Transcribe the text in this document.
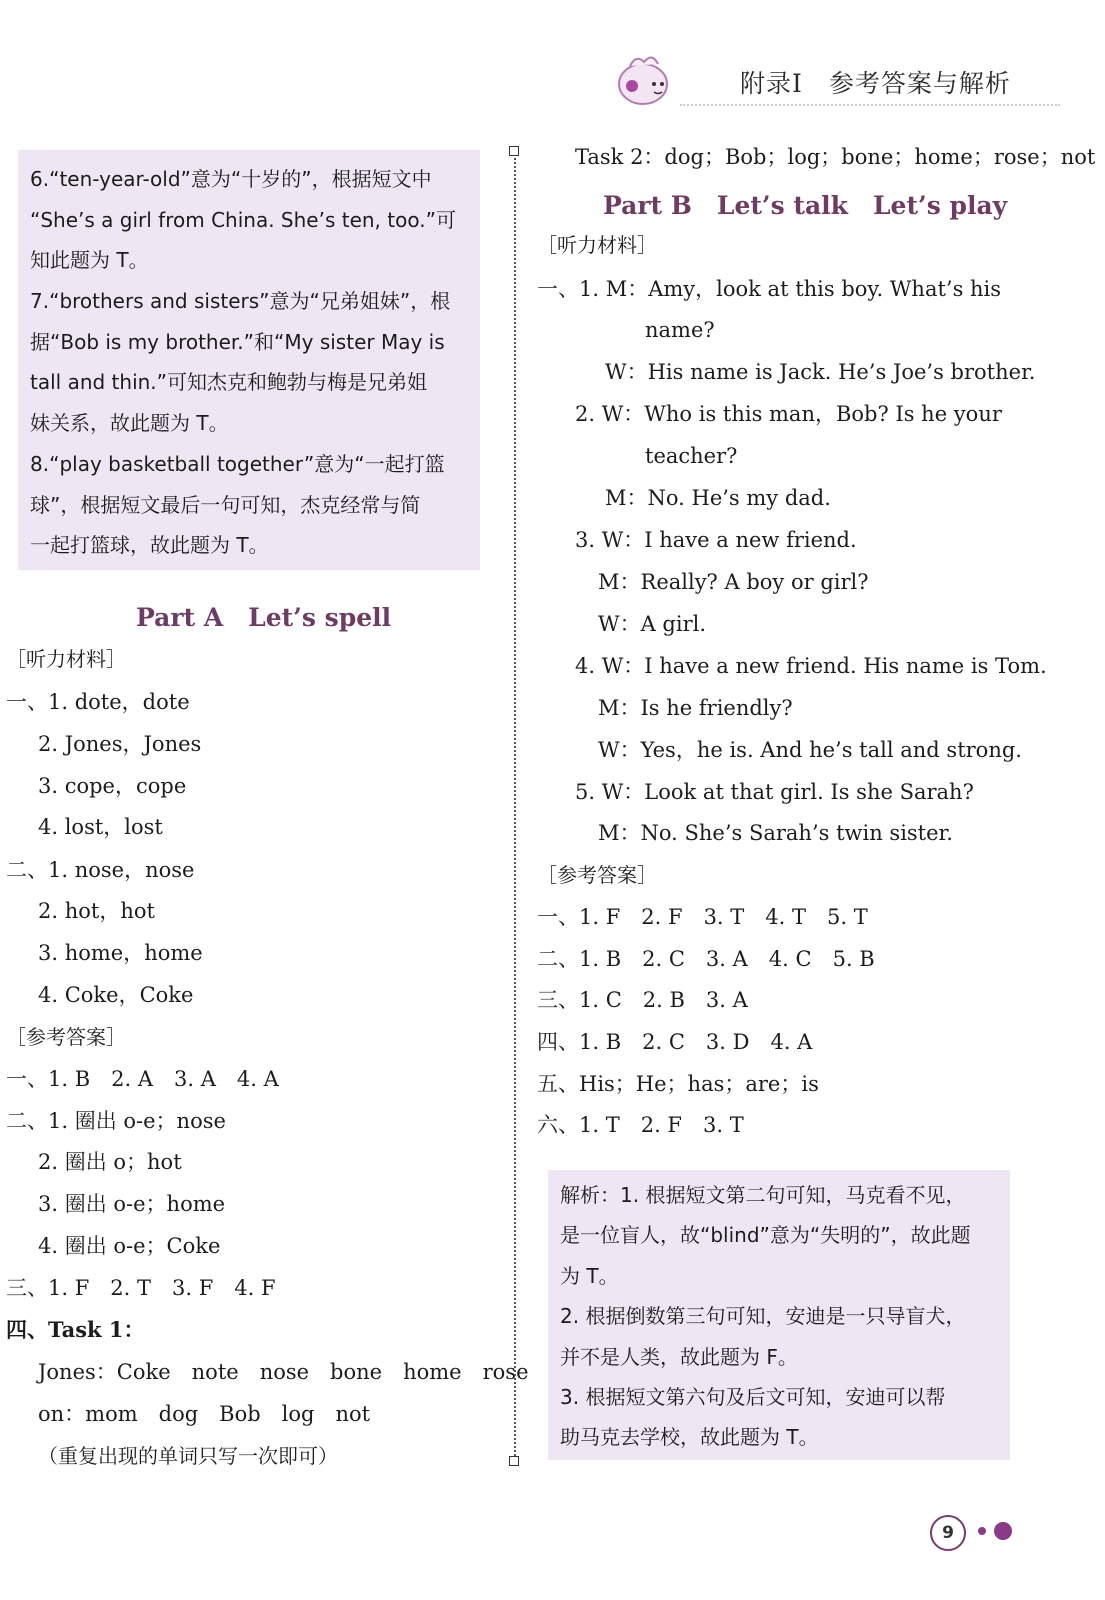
附录Ⅰ　参考答案与解析
6.“ten-year-old”意为“十岁的”，根据短文中
“She’s a girl from China. She’s ten, too.”可
知此题为 T。
7.“brothers and sisters”意为“兄弟姐妹”，根
据“Bob is my brother.”和“My sister May is
tall and thin.”可知杰克和鲍勃与梅是兄弟姐
妹关系，故此题为 T。
8.“play basketball together”意为“一起打篮
球”，根据短文最后一句可知，杰克经常与简
一起打篮球，故此题为 T。
Part A　Let’s spell
［听力材料］
一、1. dote，dote
2. Jones，Jones
3. cope，cope
4. lost，lost
二、1. nose，nose
2. hot，hot
3. home，home
4. Coke，Coke
［参考答案］
一、1. B　2. A　3. A　4. A
二、1. 圈出 o-e；nose
2. 圈出 o；hot
3. 圈出 o-e；home
4. 圈出 o-e；Coke
三、1. F　2. T　3. F　4. F
四、Task 1：
Jones：Coke　note　nose　bone　home　rose
on：mom　dog　Bob　log　not
（重复出现的单词只写一次即可）
Task 2：dog；Bob；log；bone；home；rose；not
Part B　Let’s talk　Let’s play
［听力材料］
一、1. M：Amy，look at this boy. What’s his
name?
W：His name is Jack. He’s Joe’s brother.
2. W：Who is this man，Bob? Is he your
teacher?
M：No. He’s my dad.
3. W：I have a new friend.
M：Really? A boy or girl?
W：A girl.
4. W：I have a new friend. His name is Tom.
M：Is he friendly?
W：Yes，he is. And he’s tall and strong.
5. W：Look at that girl. Is she Sarah?
M：No. She’s Sarah’s twin sister.
［参考答案］
一、1. F　2. F　3. T　4. T　5. T
二、1. B　2. C　3. A　4. C　5. B
三、1. C　2. B　3. A
四、1. B　2. C　3. D　4. A
五、His；He；has；are；is
六、1. T　2. F　3. T
解析：1. 根据短文第二句可知，马克看不见，
是一位盲人，故“blind”意为“失明的”，故此题
为 T。
2. 根据倒数第三句可知，安迪是一只导盲犬，
并不是人类，故此题为 F。
3. 根据短文第六句及后文可知，安迪可以帮
助马克去学校，故此题为 T。
9
